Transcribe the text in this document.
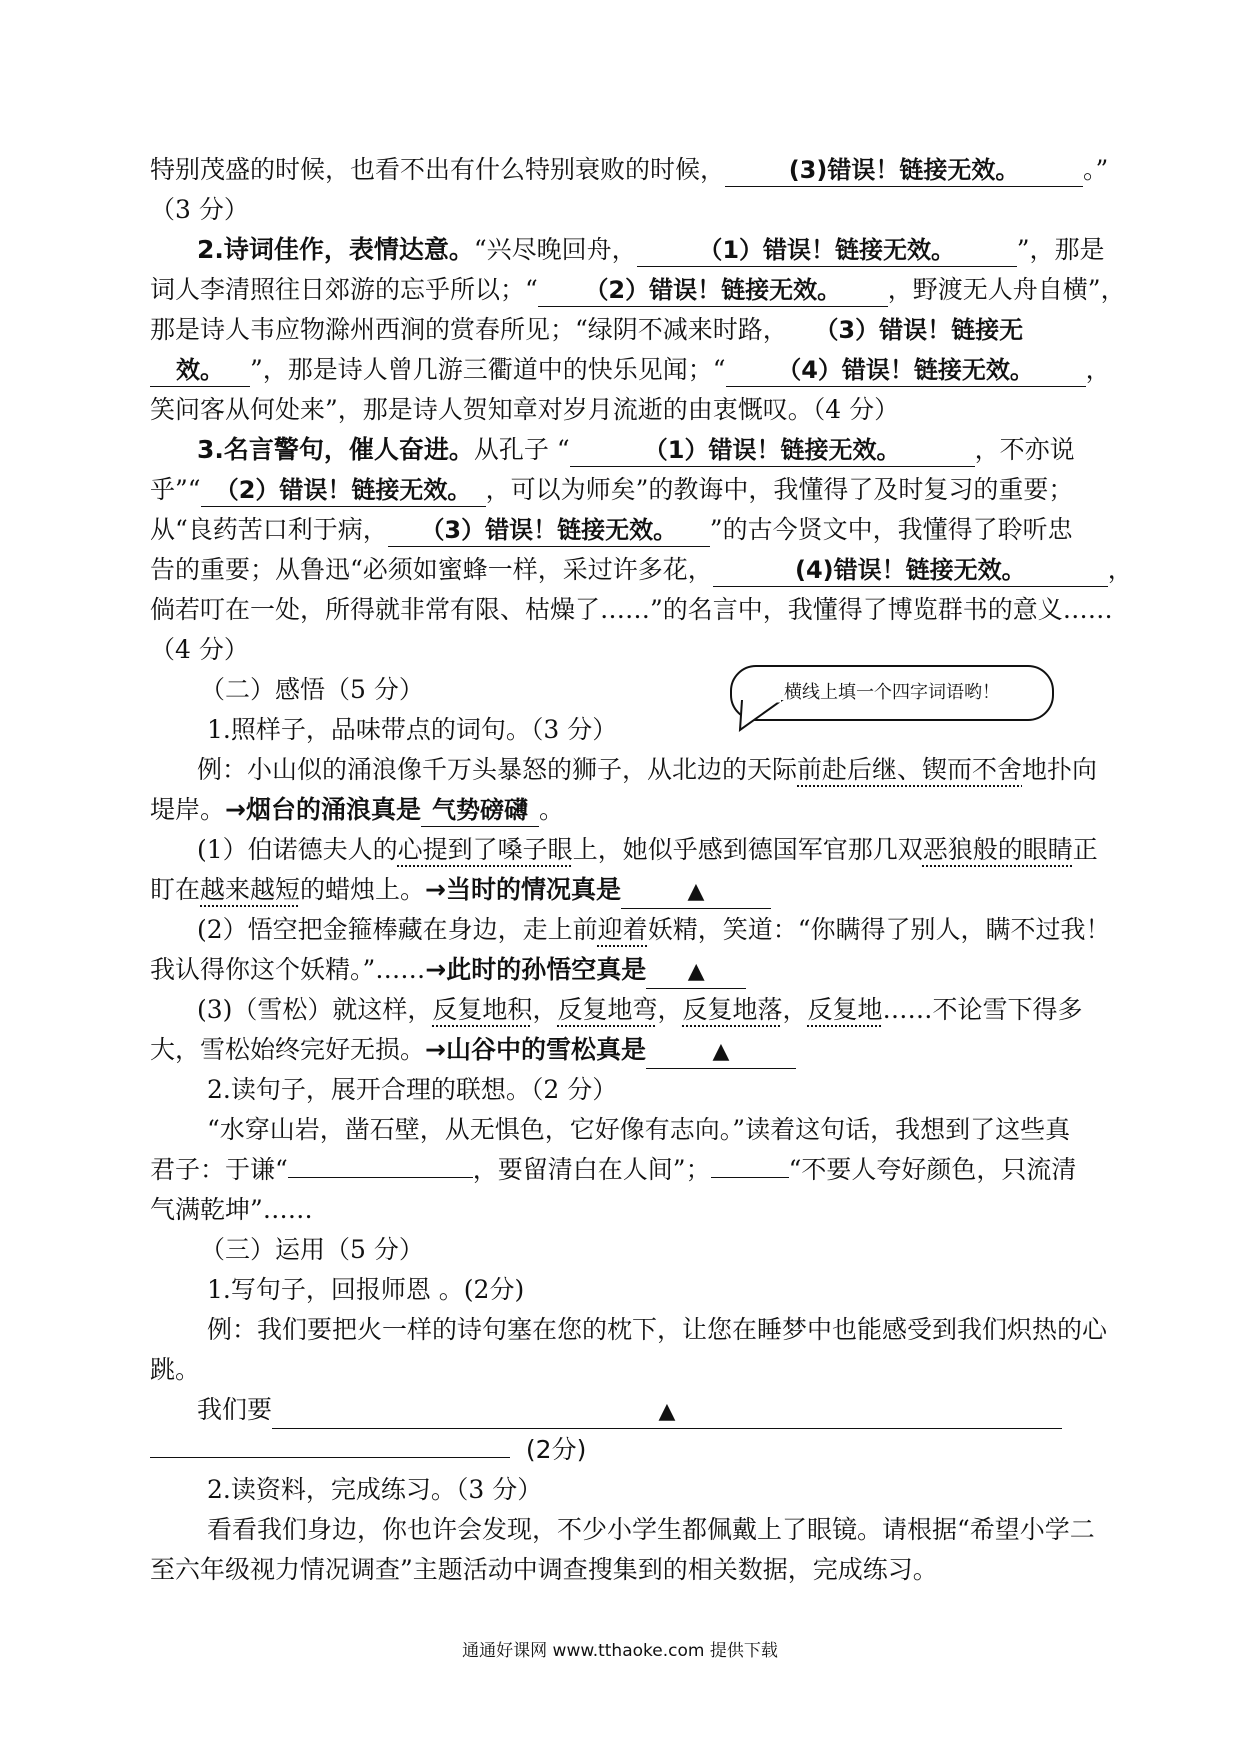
特别茂盛的时候，也看不出有什么特别衰败的时候，	(3)错误！链接无效。	。”
（3 分）
2.诗词佳作，表情达意。“兴尽晚回舟，	（1）错误！链接无效。 ”，那是
词人李清照往日郊游的忘乎所以；“ （2）错误！链接无效。 ，野渡无人舟自横”，
那是诗人韦应物滁州西涧的赏春所见；“绿阴不减来时路， （3）错误！链接无
效。 ”，那是诗人曾几游三衢道中的快乐见闻；“ （4）错误！链接无效。 ，
笑问客从何处来”，那是诗人贺知章对岁月流逝的由衷慨叹。（4 分）
3.名言警句，催人奋进。从孔子 “	（1）错误！链接无效。	，不亦说
乎”“ （2）错误！链接无效。 ，可以为师矣”的教诲中，我懂得了及时复习的重要；
从“良药苦口利于病， （3）错误！链接无效。 ”的古今贤文中，我懂得了聆听忠
告的重要；从鲁迅“必须如蜜蜂一样，采过许多花，	(4)错误！链接无效。	，
倘若叮在一处，所得就非常有限、枯燥了……”的名言中，我懂得了博览群书的意义……
（4 分）
（二）感悟（5 分）	横线上填一个四字词语哟！
1.照样子，品味带点的词句。（3 分）
例：小山似的涌浪像千万头暴怒的狮子，从北边的天际前赴后继、锲而不舍地扑向
堤岸。→烟台的涌浪真是 气势磅礴 。
(1）伯诺德夫人的心提到了嗓子眼上，她似乎感到德国军官那几双恶狼般的眼睛正
盯在越来越短的蜡烛上。→当时的情况真是	▲
(2）悟空把金箍棒藏在身边，走上前迎着妖精，笑道：“你瞒得了别人，瞒不过我！
我认得你这个妖精。”……→此时的孙悟空真是 ▲
(3)（雪松）就这样，反复地积，反复地弯，反复地落，反复地……不论雪下得多
大，雪松始终完好无损。→山谷中的雪松真是	▲
2.读句子，展开合理的联想。（2 分）
“水穿山岩，凿石壁，从无惧色，它好像有志向。”读着这句话，我想到了这些真
君子：于谦“	，要留清白在人间”；	“不要人夸好颜色，只流清
气满乾坤”……
（三）运用（5 分）
1.写句子，回报师恩 。(2分)
例：我们要把火一样的诗句塞在您的枕下，让您在睡梦中也能感受到我们炽热的心
跳。
我们要	▲
(2分)
2.读资料，完成练习。（3 分）
看看我们身边，你也许会发现，不少小学生都佩戴上了眼镜。请根据“希望小学二
至六年级视力情况调查”主题活动中调查搜集到的相关数据，完成练习。
通通好课网 www.tthaoke.com 提供下载
